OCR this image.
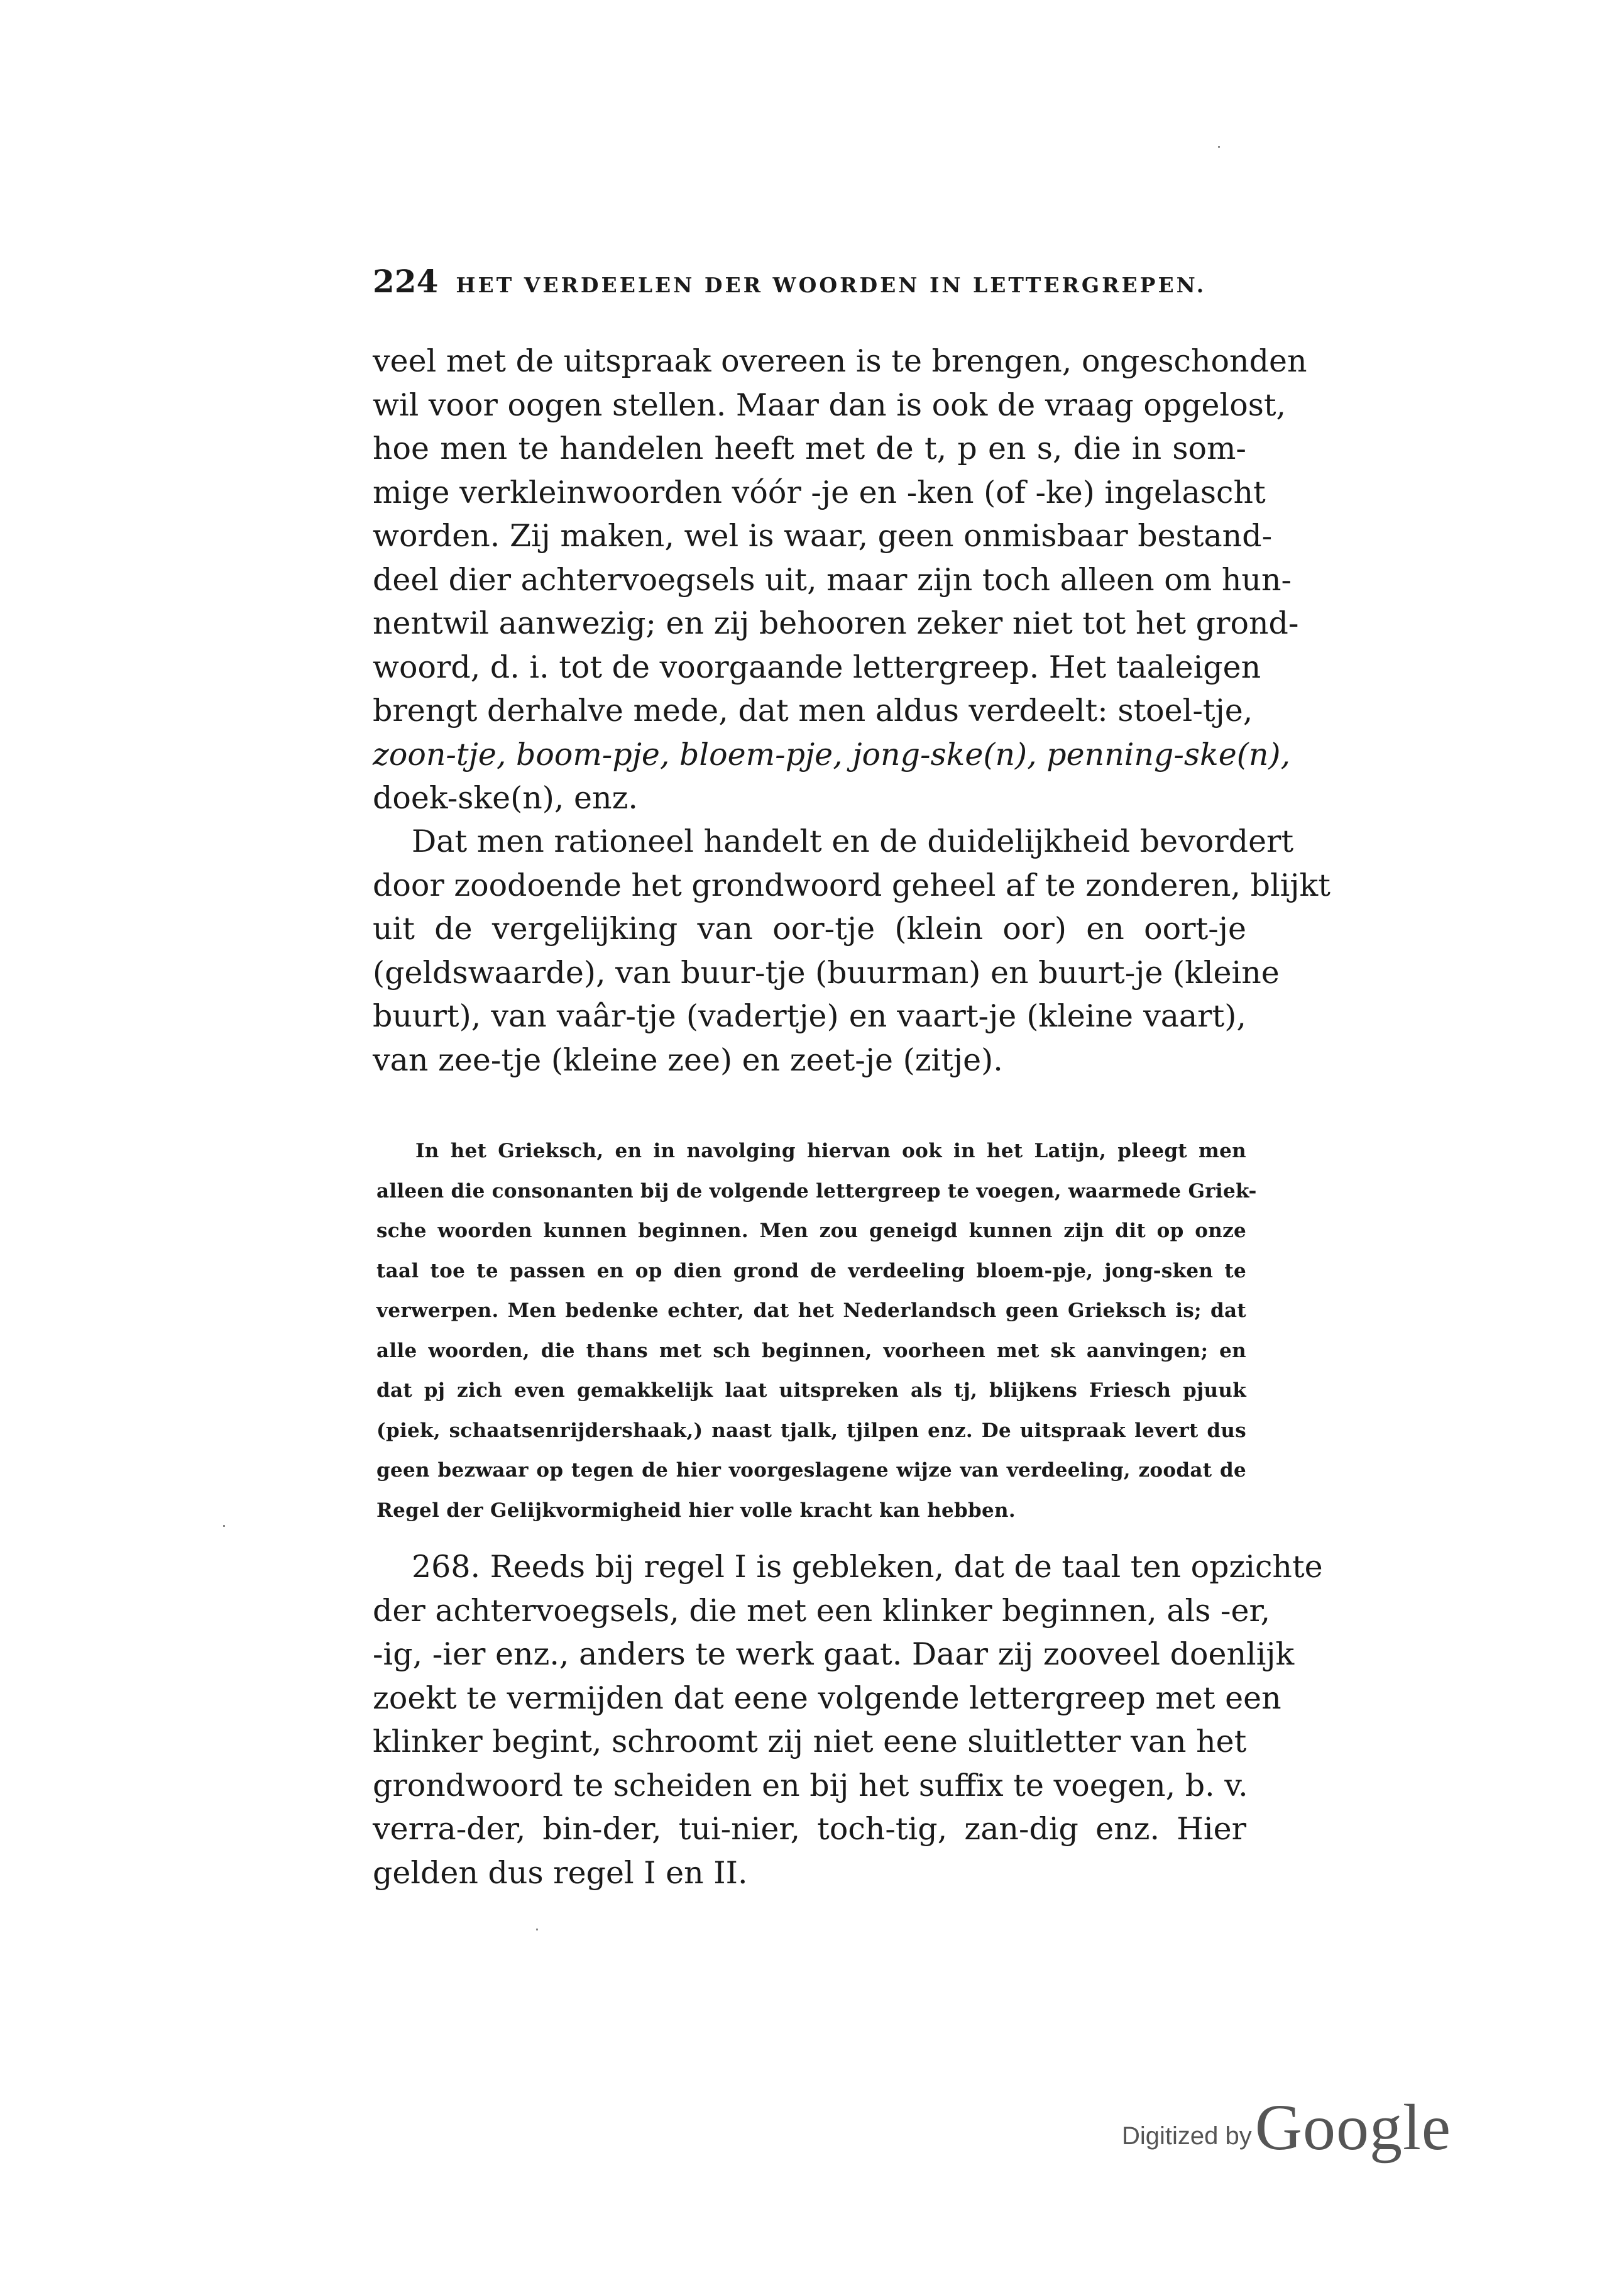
224 HET VERDEELEN DER WOORDEN IN LETTERGREPEN.

veel met de uitspraak overeen is te brengen, ongeschonden
wil voor oogen stellen. Maar dan is ook de vraag opgelost,
hoe men te handelen heeft met de t, p en s, die in som-
mige verkleinwoorden vóór -je en -ken (of -ke) ingelascht
worden. Zij maken, wel is waar, geen onmisbaar bestand-
deel dier achtervoegsels uit, maar zijn toch alleen om hun-
nentwil aanwezig; en zij behooren zeker niet tot het grond-
woord, d. i. tot de voorgaande lettergreep. Het taaleigen
brengt derhalve mede, dat men aldus verdeelt: stoel-tje,
zoon-tje, boom-pje, bloem-pje, jong-ske(n), penning-ske(n),
doek-ske(n), enz.

Dat men rationeel handelt en de duidelijkheid bevordert
door zoodoende het grondwoord geheel af te zonderen, blijkt
uit de vergelijking van oor-tje (klein oor) en oort-je
(geldswaarde), van buur-tje (buurman) en buurt-je (kleine
buurt), van vaâr-tje (vadertje) en vaart-je (kleine vaart),
van zee-tje (kleine zee) en zeet-je (zitje).

In het Grieksch, en in navolging hiervan ook in het Latijn, pleegt men
alleen die consonanten bij de volgende lettergreep te voegen, waarmede Griek-
sche woorden kunnen beginnen. Men zou geneigd kunnen zijn dit op onze
taal toe te passen en op dien grond de verdeeling bloem-pje, jong-sken te
verwerpen. Men bedenke echter, dat het Nederlandsch geen Grieksch is; dat
alle woorden, die thans met sch beginnen, voorheen met sk aanvingen; en
dat pj zich even gemakkelijk laat uitspreken als tj, blijkens Friesch pjuuk
(piek, schaatsenrijdershaak,) naast tjalk, tjilpen enz. De uitspraak levert dus
geen bezwaar op tegen de hier voorgeslagene wijze van verdeeling, zoodat de
Regel der Gelijkvormigheid hier volle kracht kan hebben.

268. Reeds bij regel I is gebleken, dat de taal ten opzichte
der achtervoegsels, die met een klinker beginnen, als -er,
-ig, -ier enz., anders te werk gaat. Daar zij zooveel doenlijk
zoekt te vermijden dat eene volgende lettergreep met een
klinker begint, schroomt zij niet eene sluitletter van het
grondwoord te scheiden en bij het suffix te voegen, b. v.
verra-der, bin-der, tui-nier, toch-tig, zan-dig enz. Hier
gelden dus regel I en II.

Digitized by Google
